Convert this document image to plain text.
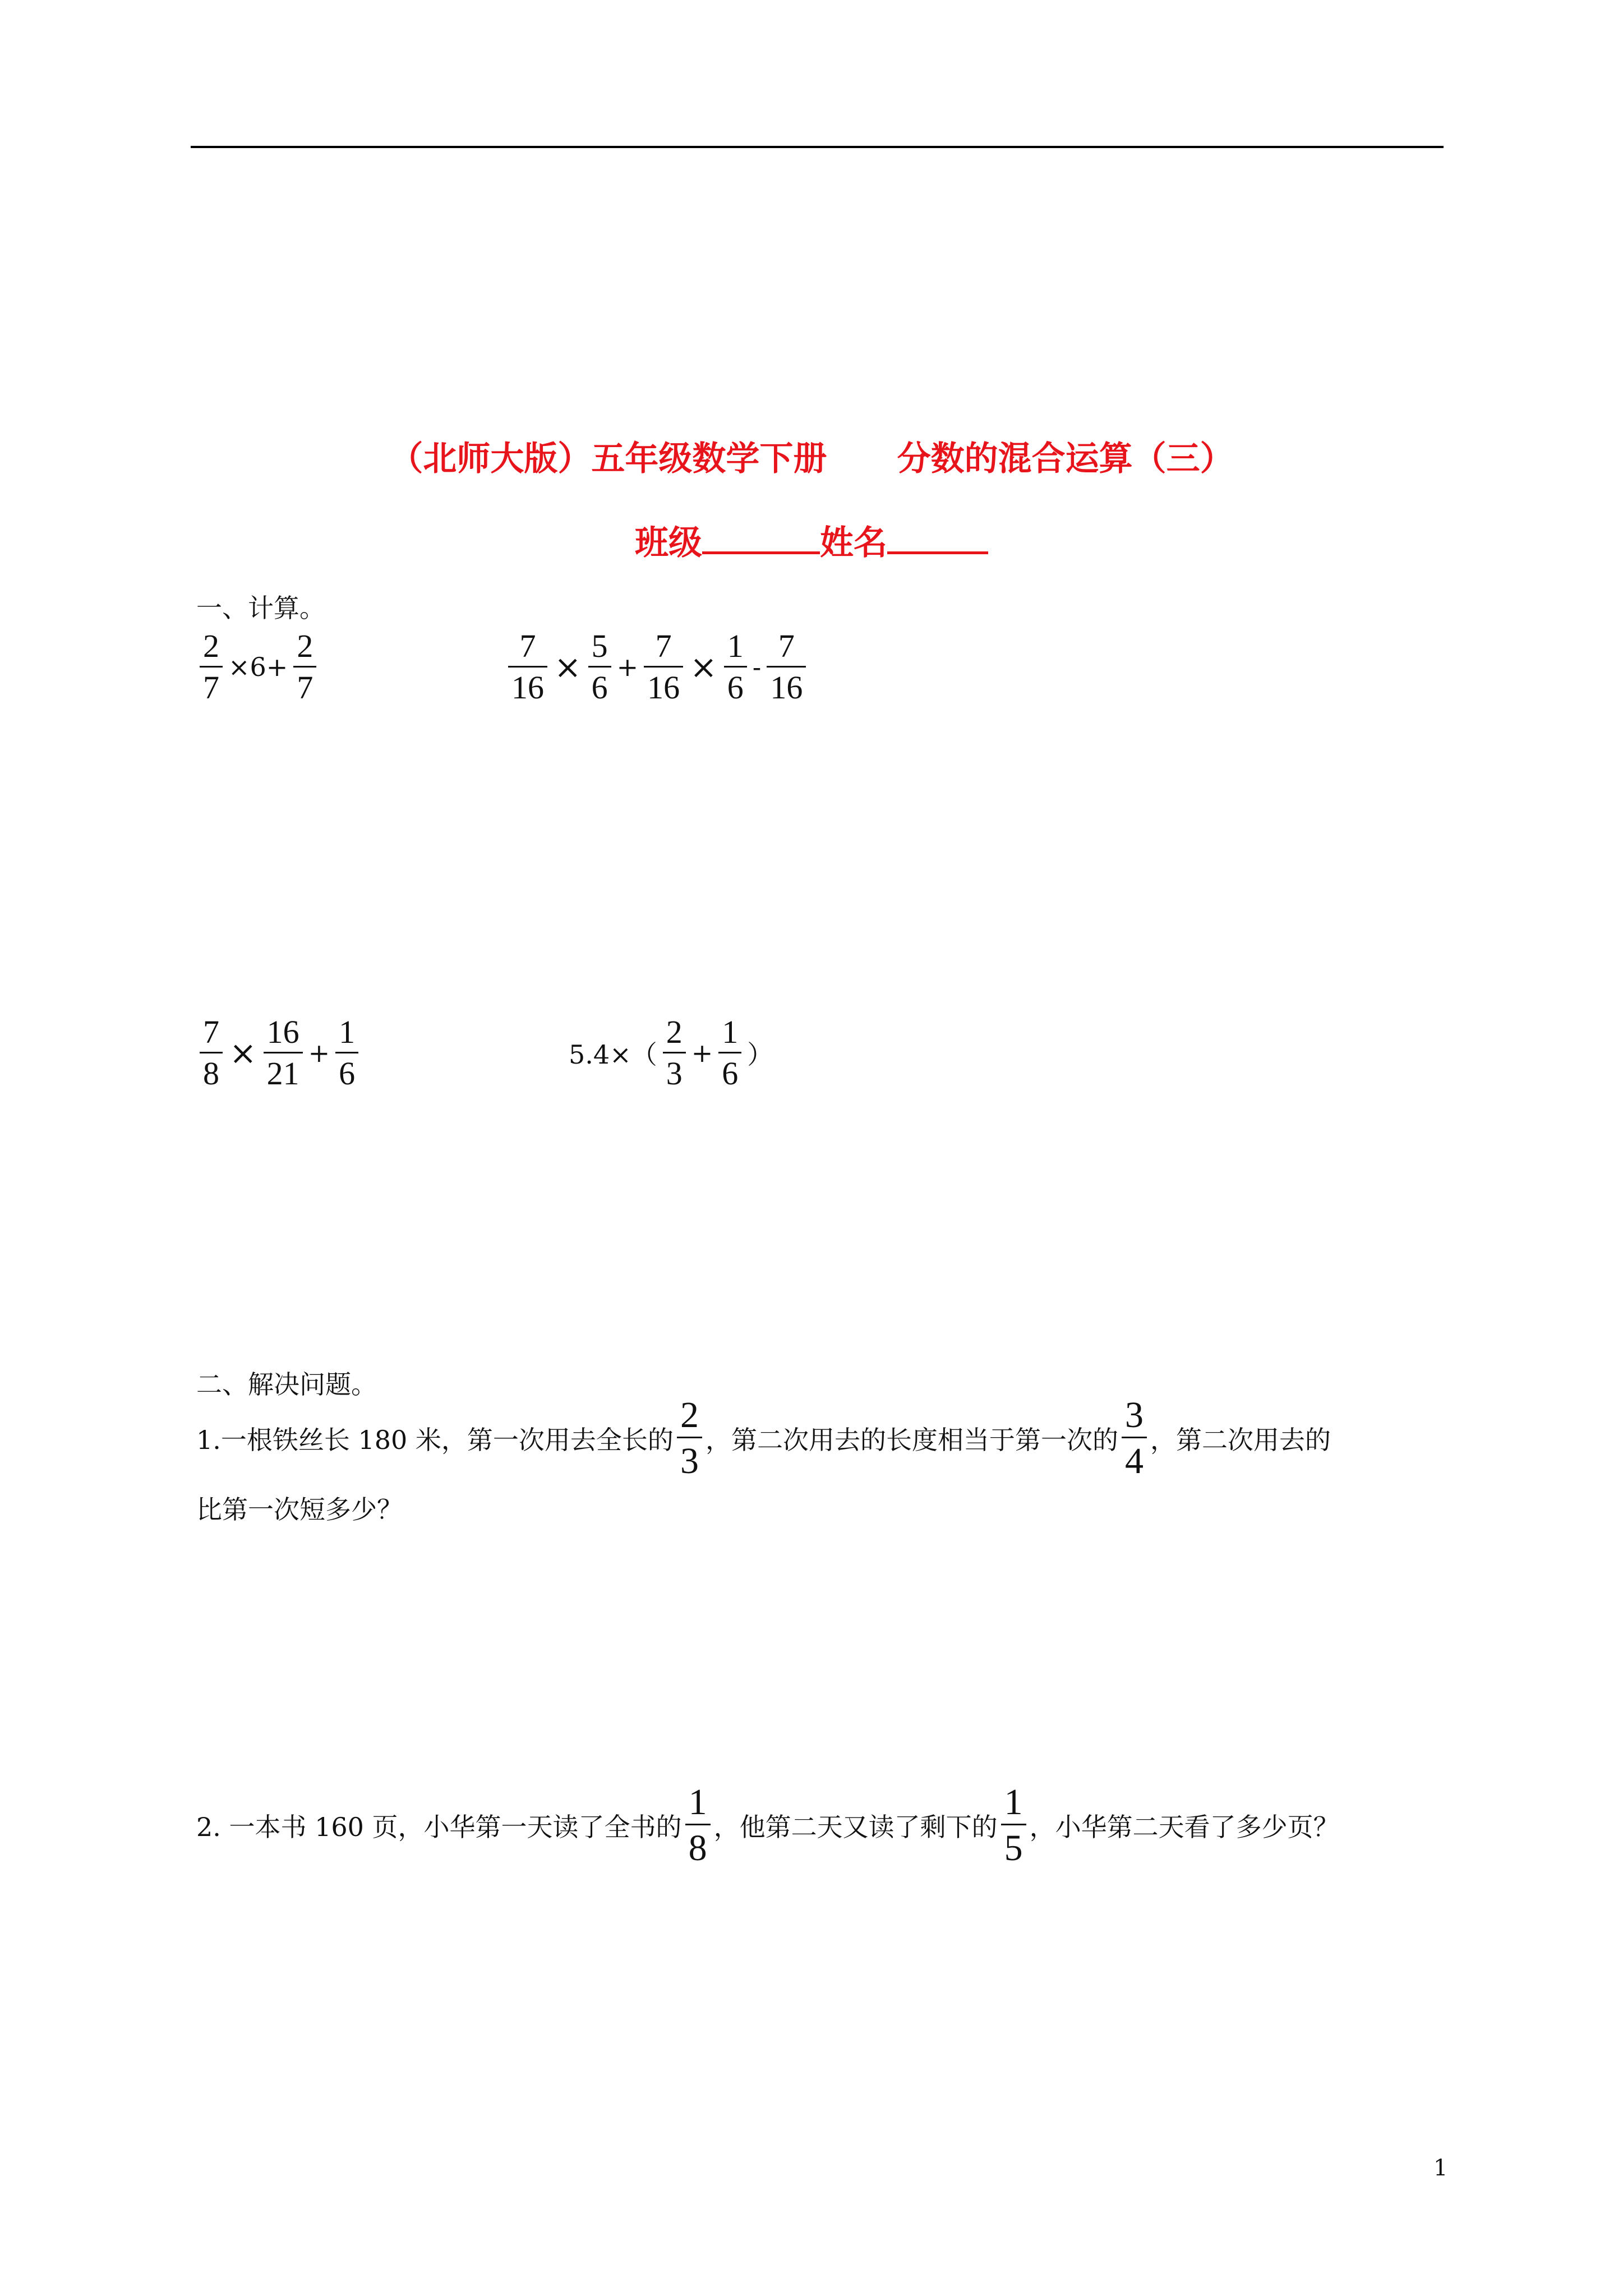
（北师大版）五年级数学下册      分数的混合运算（三）
班级	姓名
一、计算。
$\frac{2}{7} \times 6+ \frac{2}{7}$	$\frac{7}{16} \times \frac{5}{6} + \frac{7}{16} \times \frac{1}{6} - \frac{7}{16}$
$\frac{7}{8} \times \frac{16}{21} + \frac{1}{6}$	$5.4\times( \frac{2}{3} + \frac{1}{6}$ ）
二、解决问题。
1.一根铁丝长 180 米，第一次用去全长的 $\frac{2}{3}$ ，第二次用去的长度相当于第一次的 $\frac{3}{4}$ ，第二次用去的
比第一次短多少？
2. 一本书 160 页，小华第一天读了全书的 $\frac{1}{8}$ ，他第二天又读了剩下的 $\frac{1}{5}$ ，小华第二天看了多少页？
1
